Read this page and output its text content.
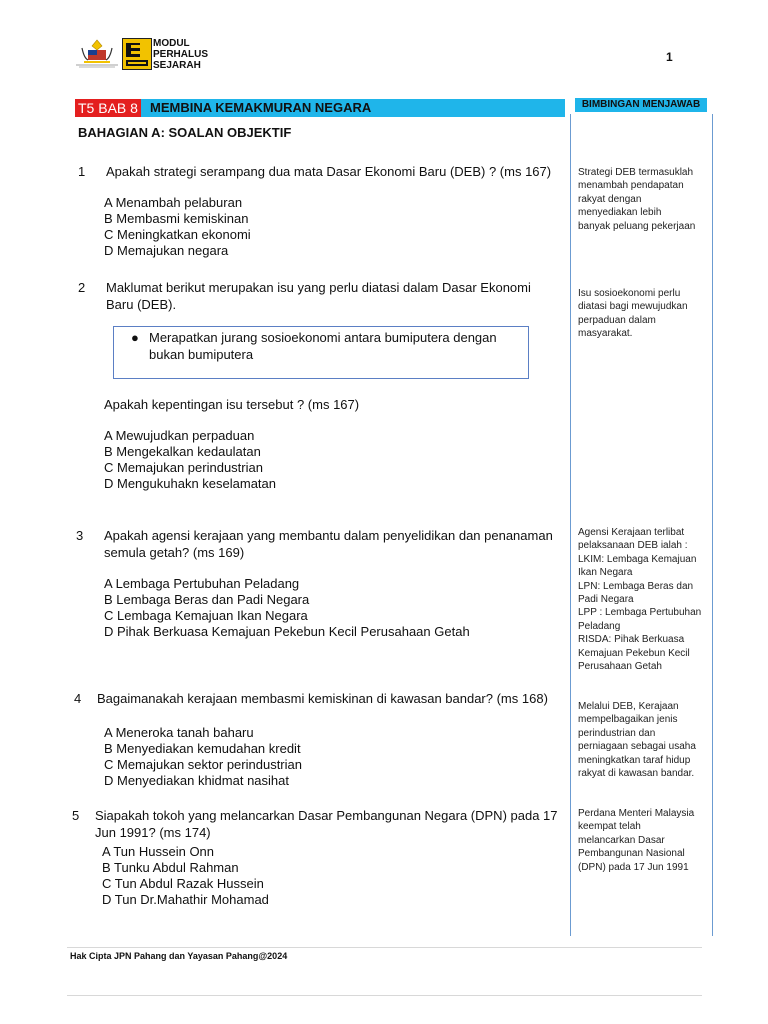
MODUL
PERHALUS
SEJARAH
1
T5 BAB 8 MEMBINA KEMAKMURAN NEGARA	BIMBINGAN MENJAWAB
BAHAGIAN A: SOALAN OBJEKTIF
1 Apakah strategi serampang dua mata Dasar Ekonomi Baru (DEB) ? (ms 167)
A Menambah pelaburan
B Membasmi kemiskinan
C Meningkatkan ekonomi
D Memajukan negara
Strategi DEB termasuklah
menambah pendapatan
rakyat dengan
menyediakan lebih
banyak peluang pekerjaan
2 Maklumat berikut merupakan isu yang perlu diatasi dalam Dasar Ekonomi
Baru (DEB).
● Merapatkan jurang sosioekonomi antara bumiputera dengan
bukan bumiputera
Apakah kepentingan isu tersebut ? (ms 167)
A Mewujudkan perpaduan
B Mengekalkan kedaulatan
C Memajukan perindustrian
D Mengukuhakn keselamatan
Isu sosioekonomi perlu
diatasi bagi mewujudkan
perpaduan dalam
masyarakat.
3 Apakah agensi kerajaan yang membantu dalam penyelidikan dan penanaman
semula getah? (ms 169)
A Lembaga Pertubuhan Peladang
B Lembaga Beras dan Padi Negara
C Lembaga Kemajuan Ikan Negara
D Pihak Berkuasa Kemajuan Pekebun Kecil Perusahaan Getah
Agensi Kerajaan terlibat
pelaksanaan DEB ialah :
LKIM: Lembaga Kemajuan
Ikan Negara
LPN: Lembaga Beras dan
Padi Negara
LPP : Lembaga Pertubuhan
Peladang
RISDA: Pihak Berkuasa
Kemajuan Pekebun Kecil
Perusahaan Getah
4 Bagaimanakah kerajaan membasmi kemiskinan di kawasan bandar? (ms 168)
A Meneroka tanah baharu
B Menyediakan kemudahan kredit
C Memajukan sektor perindustrian
D Menyediakan khidmat nasihat
Melalui DEB, Kerajaan
mempelbagaikan jenis
perindustrian dan
perniagaan sebagai usaha
meningkatkan taraf hidup
rakyat di kawasan bandar.
5 Siapakah tokoh yang melancarkan Dasar Pembangunan Negara (DPN) pada 17
Jun 1991? (ms 174)
A Tun Hussein Onn
B Tunku Abdul Rahman
C Tun Abdul Razak Hussein
D Tun Dr.Mahathir Mohamad
Perdana Menteri Malaysia
keempat telah
melancarkan Dasar
Pembangunan Nasional
(DPN) pada 17 Jun 1991
Hak Cipta JPN Pahang dan Yayasan Pahang@2024
